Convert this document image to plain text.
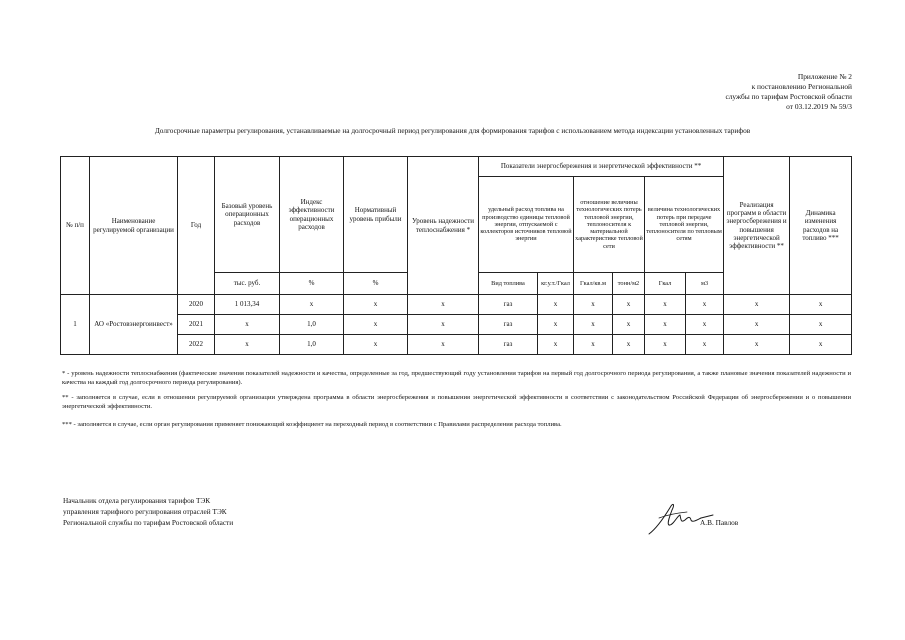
Приложение № 2
к постановлению Региональной
службы по тарифам Ростовской области
от 03.12.2019 № 59/3
Долгосрочные параметры регулирования, устанавливаемые на долгосрочный период регулирования для формирования тарифов с использованием метода индексации установленных тарифов
№ п/п	Наименование регулируемой организации	Год	Базовый уровень операционных расходов	Индекс эффективности операционных расходов	Нормативный уровень прибыли	Уровень надежности теплоснабжения *	Показатели энергосбережения и энергетической эффективности **						Реализация программ в области энергосбережения и повышения энергетической эффективности **	Динамика изменения расходов на топливо ***
							удельный расход топлива на производство единицы тепловой энергии, отпускаемой с коллекторов источников тепловой энергии		отношение величины технологических потерь тепловой энергии, теплоносителя к материальной характеристике тепловой сети		величина технологических потерь при передаче тепловой энергии, теплоносителя по тепловым сетям			
			тыс. руб.	%	%		Вид топлива	кг.у.т./Гкал	Гкал/кв.м	тонн/м2	Гкал	м3		
1	АО «Ростовэнергоинвест»	2020	1 013,34	х	х	х	газ	х	х	х	х	х	х	х
		2021	х	1,0	х	х	газ	х	х	х	х	х	х	х
		2022	х	1,0	х	х	газ	х	х	х	х	х	х	х
* - уровень надежности теплоснабжения (фактические значения показателей надежности и качества, определенные за год, предшествующий году установления тарифов на первый год долгосрочного периода регулирования, а также плановые значения показателей надежности и качества на каждый год долгосрочного периода регулирования).
** - заполняется в случае, если в отношении регулируемой организации утверждена программа в области энергосбережения и повышения энергетической эффективности в соответствии с законодательством Российской Федерации об энергосбережении и о повышении энергетической эффективности.
*** - заполняется в случае, если орган регулирования применяет понижающий коэффициент на переходный период в соответствии с Правилами распределения расхода топлива.
Начальник отдела регулирования тарифов ТЭК
управления тарифного регулирования отраслей ТЭК
Региональной службы по тарифам Ростовской области	А.В. Павлов
